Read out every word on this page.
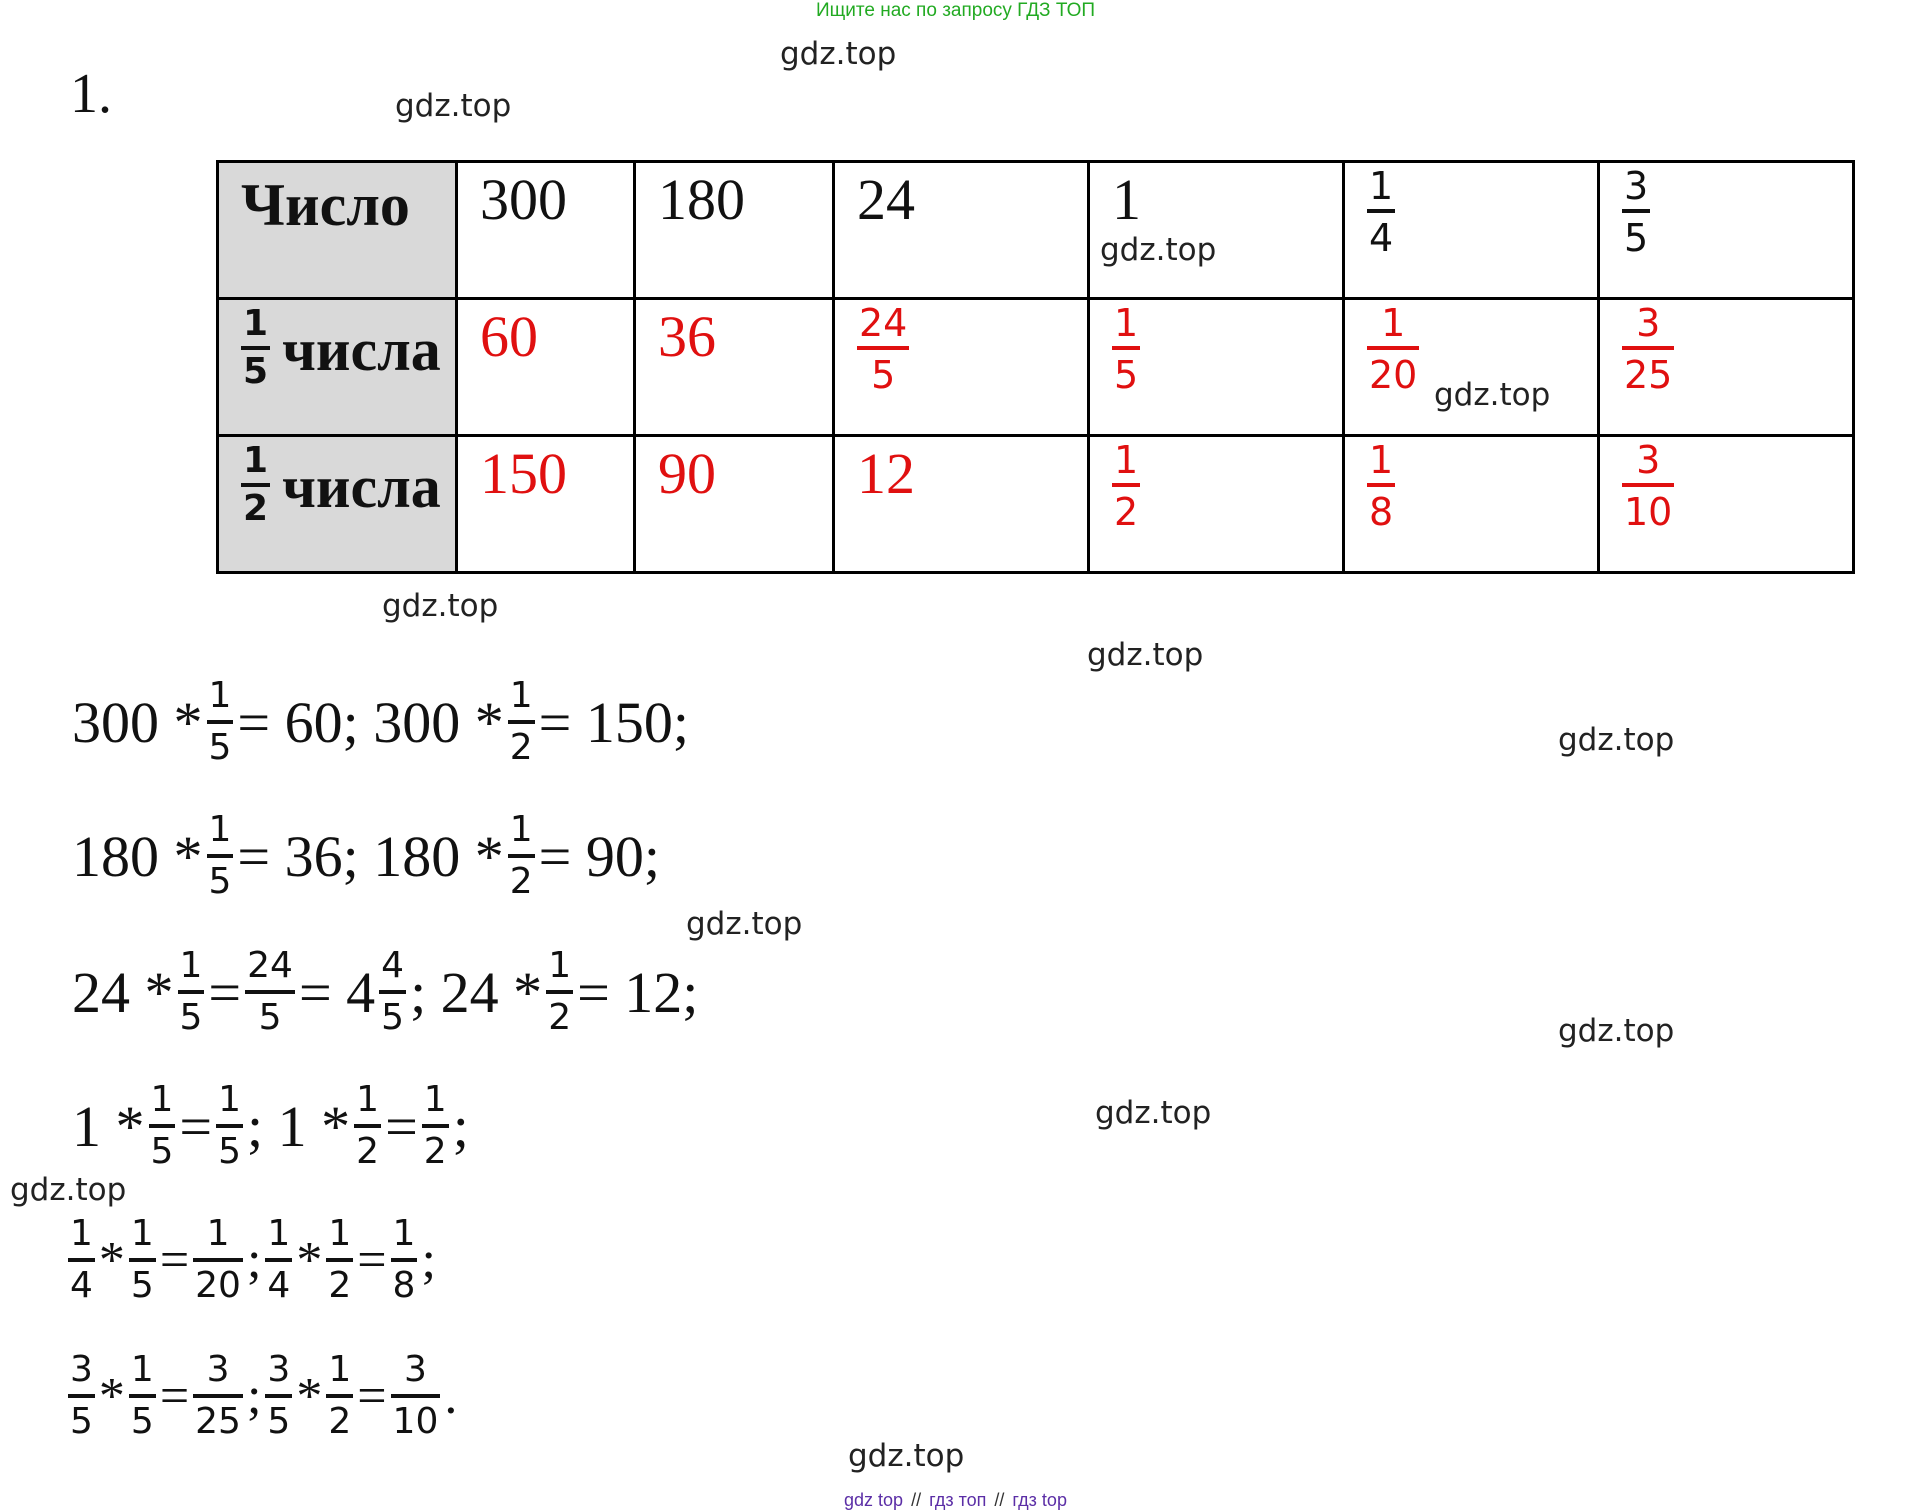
Ищите нас по запросу ГДЗ ТОП
1.
gdz.top
gdz.top
gdz.top
gdz.top
gdz.top
gdz.top
gdz.top
gdz.top
gdz.top
gdz.top
gdz.top
gdz.top
Число	300	180	24	1	$\frac{1}{4}$	$\frac{3}{5}$

$\frac{1}{5}$ числа	60	36	$\frac{24}{5}$	$\frac{1}{5}$	$\frac{1}{20}$	$\frac{3}{25}$

$\frac{1}{2}$ числа	150	90	12	$\frac{1}{2}$	$\frac{1}{8}$	$\frac{3}{10}$
$300 * \frac{1}{5} = 60$; $300 * \frac{1}{2} = 150$;
$180 * \frac{1}{5} = 36$; $180 * \frac{1}{2} = 90$;
$24 * \frac{1}{5} = \frac{24}{5} = 4 \frac{4}{5}$ ; $24 * \frac{1}{2} = 12$;
$1 * \frac{1}{5} = \frac{1}{5}$ ; $1 * \frac{1}{2} = \frac{1}{2}$ ;
$\frac{1}{4} * \frac{1}{5} = \frac{1}{20}$ ; $\frac{1}{4} * \frac{1}{2} = \frac{1}{8}$ ;
$\frac{3}{5} * \frac{1}{5} = \frac{3}{25}$ ; $\frac{3}{5} * \frac{1}{2} = \frac{3}{10}$ .
gdz top // гдз топ // гдз top
